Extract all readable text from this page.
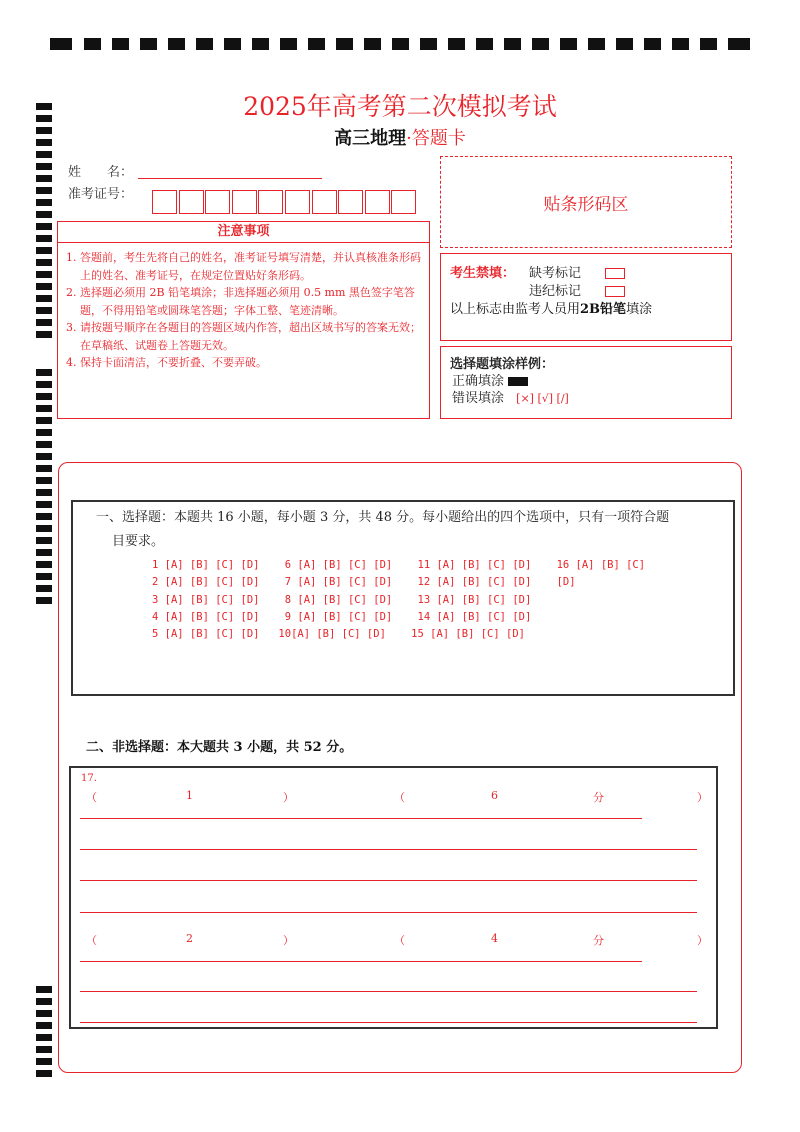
2025年高考第二次模拟考试
高三地理·答题卡
姓　　名：
准考证号：	贴条形码区
注意事项
1. 答题前，考生先将自己的姓名，准考证号填写清楚，并认真核准条形码上的姓名、准考证号，在规定位置贴好条形码。
2. 选择题必须用 2B 铅笔填涂；非选择题必须用 0.5 mm 黑色签字笔答题，不得用铅笔或圆珠笔答题；字体工整、笔迹清晰。
3. 请按题号顺序在各题目的答题区域内作答，超出区域书写的答案无效；在草稿纸、试题卷上答题无效。
4. 保持卡面清洁，不要折叠、不要弄破。
考生禁填： 缺考标记
违纪标记
以上标志由监考人员用2B铅笔填涂
选择题填涂样例：
正确填涂
错误填涂 [×] [√] [/]
一、选择题：本题共 16 小题，每小题 3 分，共 48 分。每小题给出的四个选项中，只有一项符合题
目要求。
1 [A] [B] [C] [D]    6 [A] [B] [C] [D]    11 [A] [B] [C] [D]    16 [A] [B] [C]
2 [A] [B] [C] [D]    7 [A] [B] [C] [D]    12 [A] [B] [C] [D]    [D]
3 [A] [B] [C] [D]    8 [A] [B] [C] [D]    13 [A] [B] [C] [D]
4 [A] [B] [C] [D]    9 [A] [B] [C] [D]    14 [A] [B] [C] [D]
5 [A] [B] [C] [D]   10[A] [B] [C] [D]    15 [A] [B] [C] [D]
二、非选择题：本大题共 3 小题，共 52 分。
17.
（	1	）	（	6	分	）
（	2	）	（	4	分	）
